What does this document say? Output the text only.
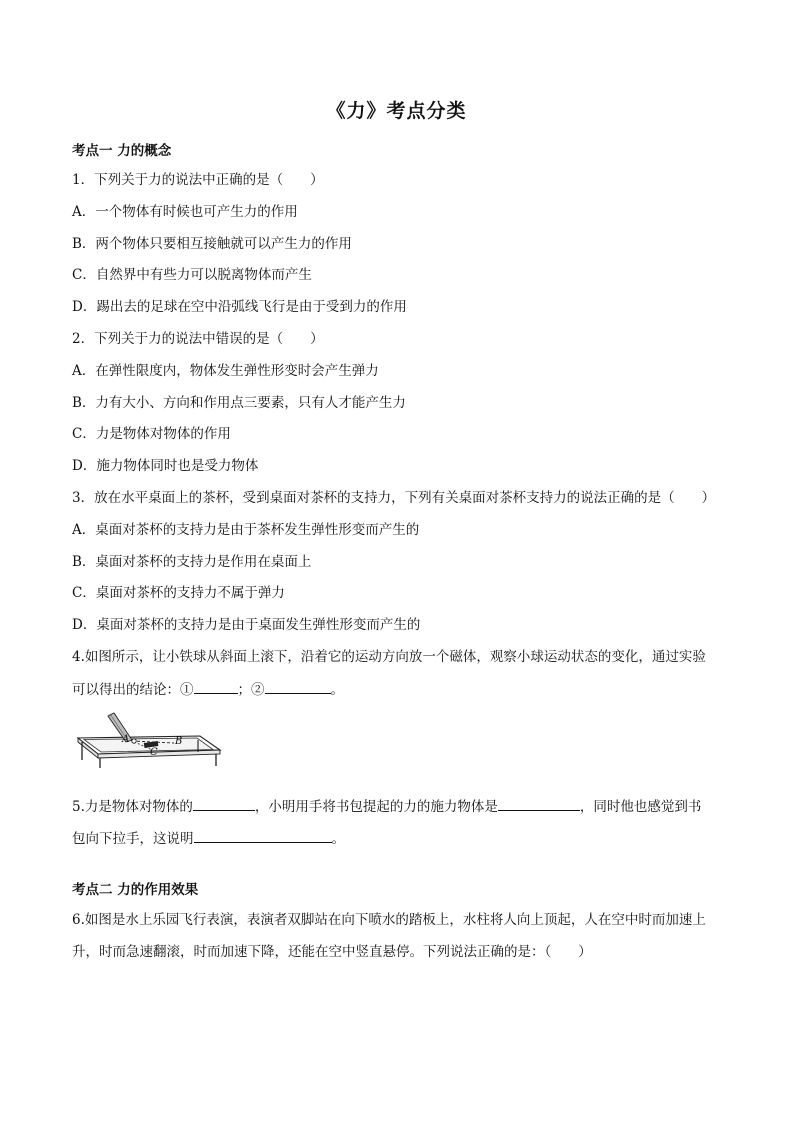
《力》考点分类
考点一 力的概念
1．下列关于力的说法中正确的是（　　）
A．一个物体有时候也可产生力的作用
B．两个物体只要相互接触就可以产生力的作用
C．自然界中有些力可以脱离物体而产生
D．踢出去的足球在空中沿弧线飞行是由于受到力的作用
2．下列关于力的说法中错误的是（　　）
A．在弹性限度内，物体发生弹性形变时会产生弹力
B．力有大小、方向和作用点三要素，只有人才能产生力
C．力是物体对物体的作用
D．施力物体同时也是受力物体
3．放在水平桌面上的茶杯，受到桌面对茶杯的支持力，下列有关桌面对茶杯支持力的说法正确的是（　　）
A．桌面对茶杯的支持力是由于茶杯发生弹性形变而产生的
B．桌面对茶杯的支持力是作用在桌面上
C．桌面对茶杯的支持力不属于弹力
D．桌面对茶杯的支持力是由于桌面发生弹性形变而产生的
4.如图所示，让小铁球从斜面上滚下，沿着它的运动方向放一个磁体，观察小球运动状态的变化，通过实验
可以得出的结论：①	；②	。
A	B
C
5.力是物体对物体的	，小明用手将书包提起的力的施力物体是	，同时他也感觉到书
包向下拉手，这说明	。
考点二 力的作用效果
6.如图是水上乐园飞行表演，表演者双脚站在向下喷水的踏板上，水柱将人向上顶起，人在空中时而加速上
升，时而急速翻滚，时而加速下降，还能在空中竖直悬停。下列说法正确的是：（　　）
